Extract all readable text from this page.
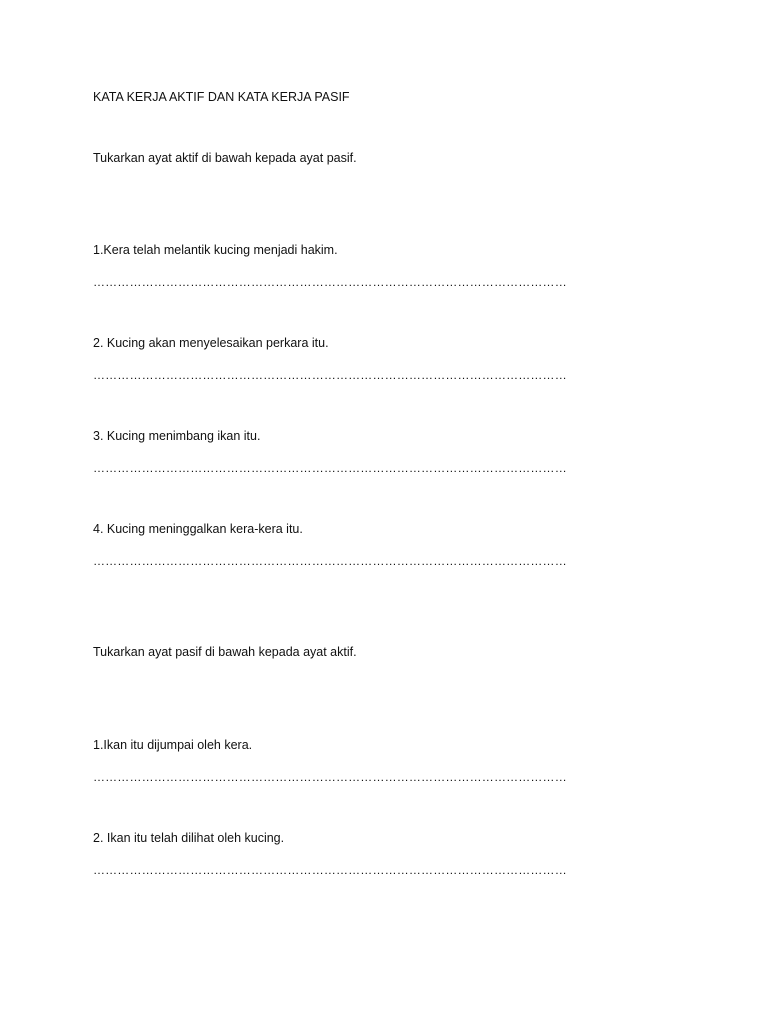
KATA KERJA AKTIF DAN KATA KERJA PASIF
Tukarkan ayat aktif di bawah kepada ayat pasif.
1.Kera telah melantik kucing menjadi hakim.
………………………………………………………………………………………………………
2. Kucing akan menyelesaikan perkara itu.
………………………………………………………………………………………………………
3. Kucing menimbang ikan itu.
………………………………………………………………………………………………………
4. Kucing meninggalkan kera-kera itu.
………………………………………………………………………………………………………
Tukarkan ayat pasif di bawah kepada ayat aktif.
1.Ikan itu dijumpai oleh kera.
………………………………………………………………………………………………………
2. Ikan itu telah dilihat oleh kucing.
………………………………………………………………………………………………………
